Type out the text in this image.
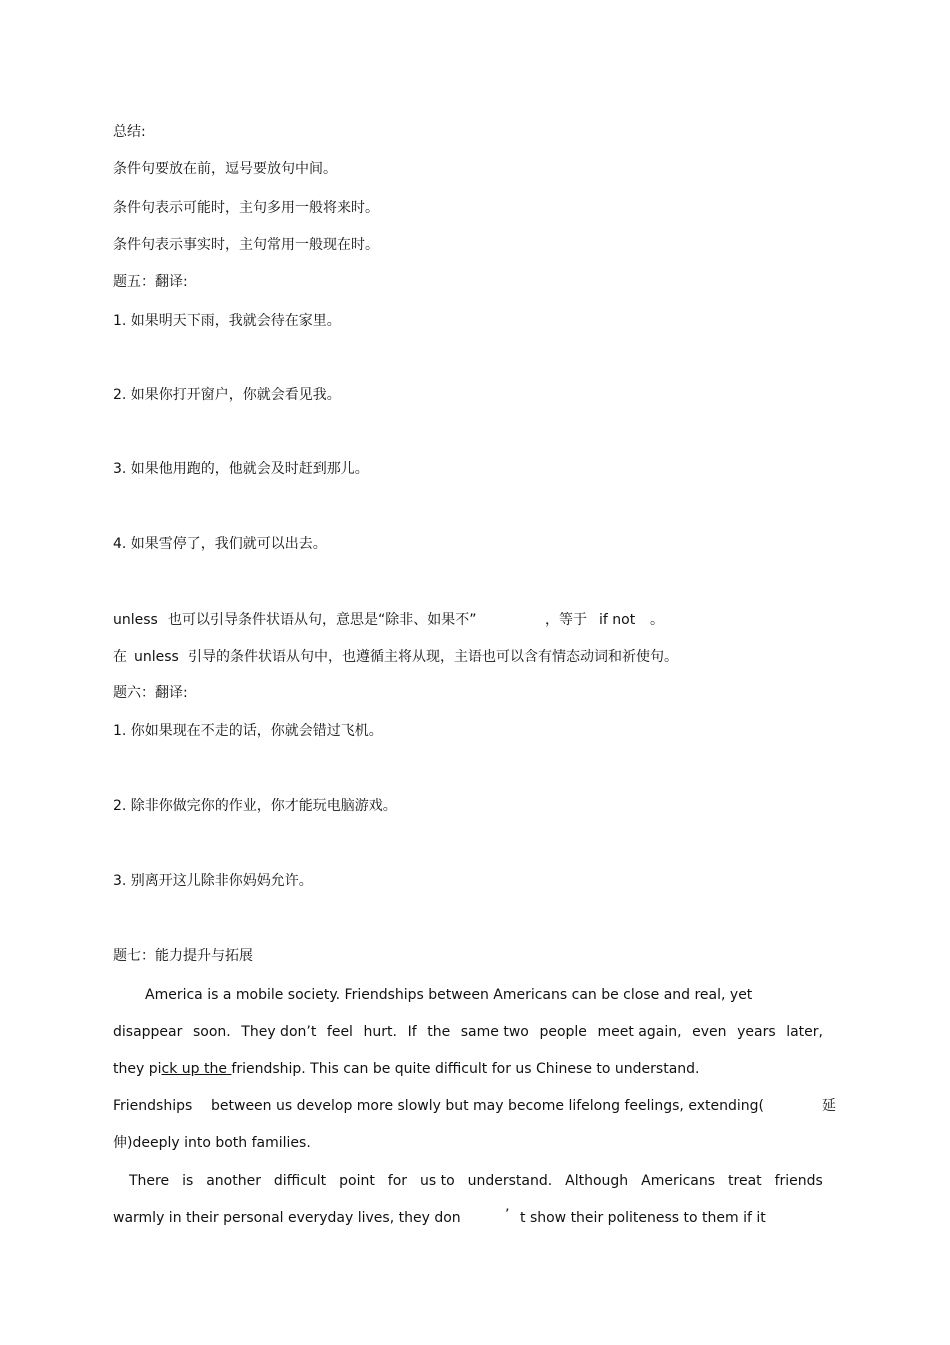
总结:

条件句要放在前，逗号要放句中间。

条件句表示可能时，主句多用一般将来时。

条件句表示事实时，主句常用一般现在时。

题五：翻译:

1. 如果明天下雨，我就会待在家里。

2. 如果你打开窗户，你就会看见我。

3. 如果他用跑的，他就会及时赶到那儿。

4. 如果雪停了，我们就可以出去。

unless 也可以引导条件状语从句，意思是“除非、如果不”	，等于 if not 。
在 unless 引导的条件状语从句中，也遵循主将从现，主语也可以含有情态动词和祈使句。

题六：翻译:

1. 你如果现在不走的话，你就会错过飞机。

2. 除非你做完你的作业，你才能玩电脑游戏。

3. 别离开这儿除非你妈妈允许。

题七：能力提升与拓展

America is a mobile society. Friendships between Americans can be close and real, yet

disappear soon. They don’t feel hurt. If the same two people meet again, even years later,

they pick up the friendship. This can be quite difficult for us Chinese to understand.

Friendships between us develop more slowly but may become lifelong feelings, extending(	延

伸)deeply into both families.

There is another difficult point for us to understand. Although Americans treat friends
warmly in their personal everyday lives, they don	’ t show their politeness to them if it
